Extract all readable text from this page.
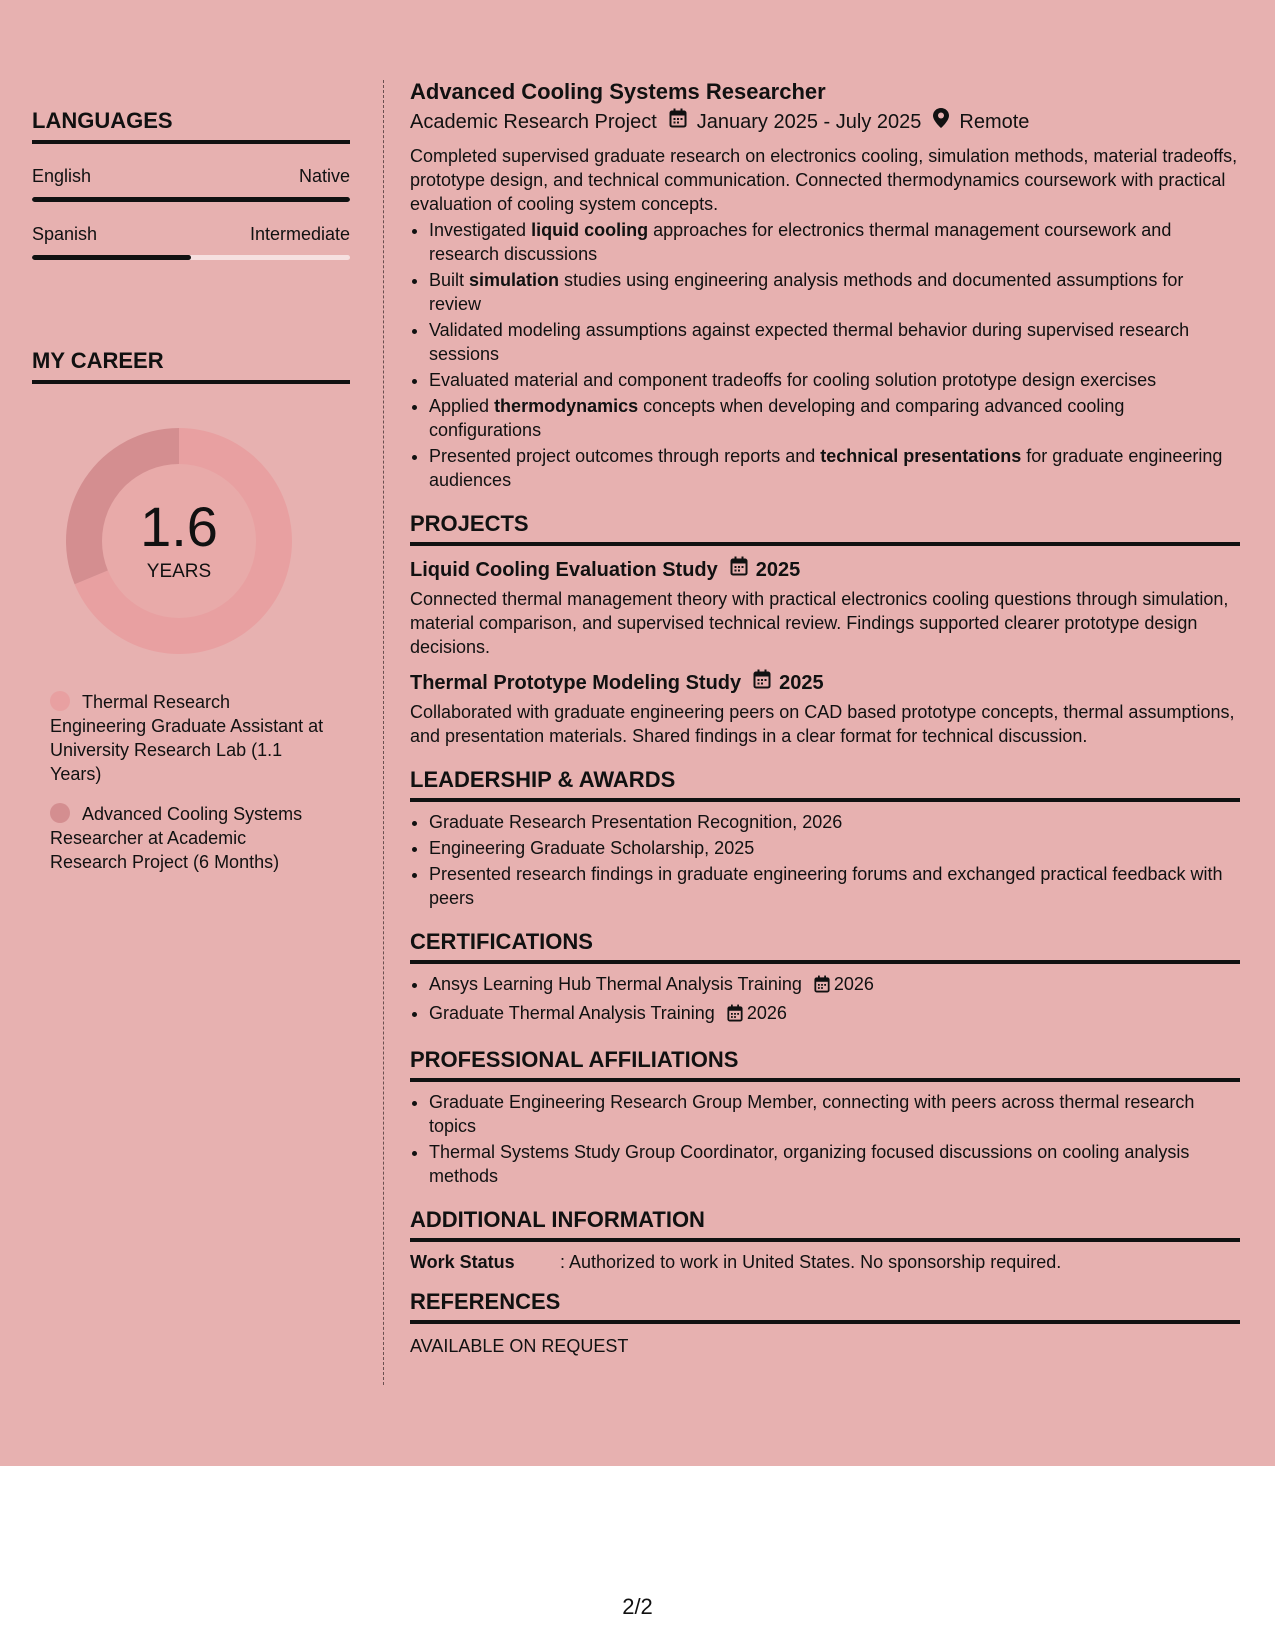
LANGUAGES
English	Native
Spanish	Intermediate
MY CAREER
1.6
YEARS
Thermal Research Engineering Graduate Assistant at University Research Lab (1.1 Years)
Advanced Cooling Systems Researcher at Academic Research Project (6 Months)
Advanced Cooling Systems Researcher
Academic Research Project January 2025 - July 2025 Remote
Completed supervised graduate research on electronics cooling, simulation methods, material tradeoffs, prototype design, and technical communication. Connected thermodynamics coursework with practical evaluation of cooling system concepts.
• Investigated liquid cooling approaches for electronics thermal management coursework and research discussions
• Built simulation studies using engineering analysis methods and documented assumptions for review
• Validated modeling assumptions against expected thermal behavior during supervised research sessions
• Evaluated material and component tradeoffs for cooling solution prototype design exercises
• Applied thermodynamics concepts when developing and comparing advanced cooling configurations
• Presented project outcomes through reports and technical presentations for graduate engineering audiences
PROJECTS
Liquid Cooling Evaluation Study 2025
Connected thermal management theory with practical electronics cooling questions through simulation, material comparison, and supervised technical review. Findings supported clearer prototype design decisions.
Thermal Prototype Modeling Study 2025
Collaborated with graduate engineering peers on CAD based prototype concepts, thermal assumptions, and presentation materials. Shared findings in a clear format for technical discussion.
LEADERSHIP & AWARDS
• Graduate Research Presentation Recognition, 2026
• Engineering Graduate Scholarship, 2025
• Presented research findings in graduate engineering forums and exchanged practical feedback with peers
CERTIFICATIONS
• Ansys Learning Hub Thermal Analysis Training 2026
• Graduate Thermal Analysis Training 2026
PROFESSIONAL AFFILIATIONS
• Graduate Engineering Research Group Member, connecting with peers across thermal research topics
• Thermal Systems Study Group Coordinator, organizing focused discussions on cooling analysis methods
ADDITIONAL INFORMATION
Work Status	: Authorized to work in United States. No sponsorship required.
REFERENCES
AVAILABLE ON REQUEST
2/2
